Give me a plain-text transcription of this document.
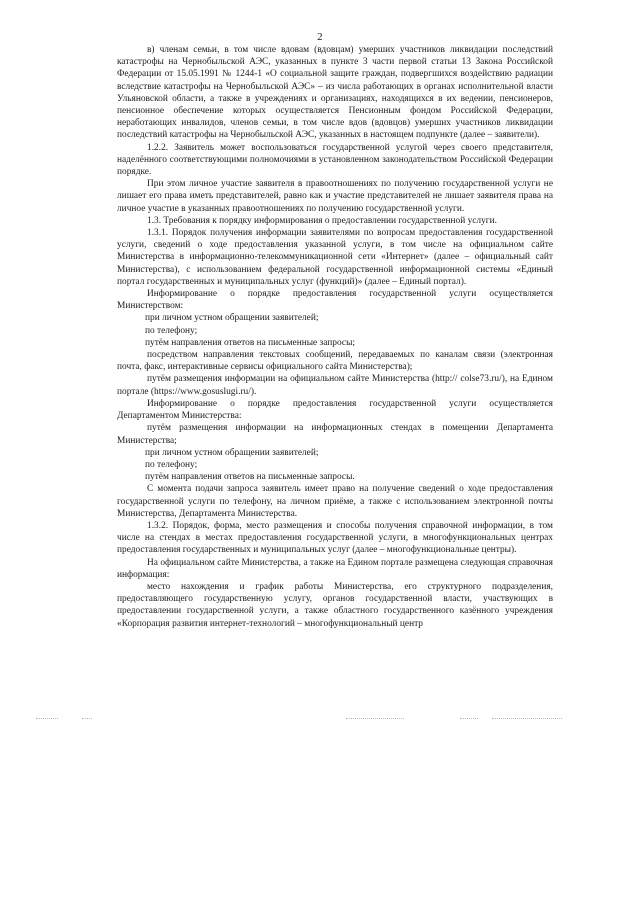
2

в) членам семьи, в том числе вдовам (вдовцам) умерших участников ликвидации последствий катастрофы на Чернобыльской АЭС, указанных в пункте 3 части первой статьи 13 Закона Российской Федерации от 15.05.1991 № 1244-1 «О социальной защите граждан, подвергшихся воздействию радиации вследствие катастрофы на Чернобыльской АЭС» – из числа работающих в органах исполнительной власти Ульяновской области, а также в учреждениях и организациях, находящихся в их ведении, пенсионеров, пенсионное обеспечение которых осуществляется Пенсионным фондом Российской Федерации, неработающих инвалидов, членов семьи, в том числе вдов (вдовцов) умерших участников ликвидации последствий катастрофы на Чернобыльской АЭС, указанных в настоящем подпункте (далее – заявители).

1.2.2. Заявитель может воспользоваться государственной услугой через своего представителя, наделённого соответствующими полномочиями в установленном законодательством Российской Федерации порядке.

При этом личное участие заявителя в правоотношениях по получению государственной услуги не лишает его права иметь представителей, равно как и участие представителей не лишает заявителя права на личное участие в указанных правоотношениях по получению государственной услуги.

1.3. Требования к порядку информирования о предоставлении государственной услуги.

1.3.1. Порядок получения информации заявителями по вопросам предоставления государственной услуги, сведений о ходе предоставления указанной услуги, в том числе на официальном сайте Министерства в информационно-телекоммуникационной сети «Интернет» (далее – официальный сайт Министерства), с использованием федеральной государственной информационной системы «Единый портал государственных и муниципальных услуг (функций)» (далее – Единый портал).

Информирование о порядке предоставления государственной услуги осуществляется Министерством:

при личном устном обращении заявителей;

по телефону;

путём направления ответов на письменные запросы;

посредством направления текстовых сообщений, передаваемых по каналам связи (электронная почта, факс, интерактивные сервисы официального сайта Министерства);

путём размещения информации на официальном сайте Министерства (http:// colse73.ru/), на Едином портале (https://www.gosuslugi.ru/).

Информирование о порядке предоставления государственной услуги осуществляется Департаментом Министерства:

путём размещения информации на информационных стендах в помещении Департамента Министерства;

при личном устном обращении заявителей;

по телефону;

путём направления ответов на письменные запросы.

С момента подачи запроса заявитель имеет право на получение сведений о ходе предоставления государственной услуги по телефону, на личном приёме, а также с использованием электронной почты Министерства, Департамента Министерства.

1.3.2. Порядок, форма, место размещения и способы получения справочной информации, в том числе на стендах в местах предоставления государственной услуги, в многофункциональных центрах предоставления государственных и муниципальных услуг (далее – многофункциональные центры).

На официальном сайте Министерства, а также на Едином портале размещена следующая справочная информация:

место нахождения и график работы Министерства, его структурного подразделения, предоставляющего государственную услугу, органов государственной власти, участвующих в предоставлении государственной услуги, а также областного государственного казённого учреждения «Корпорация развития интернет-технологий – многофункциональный центр
